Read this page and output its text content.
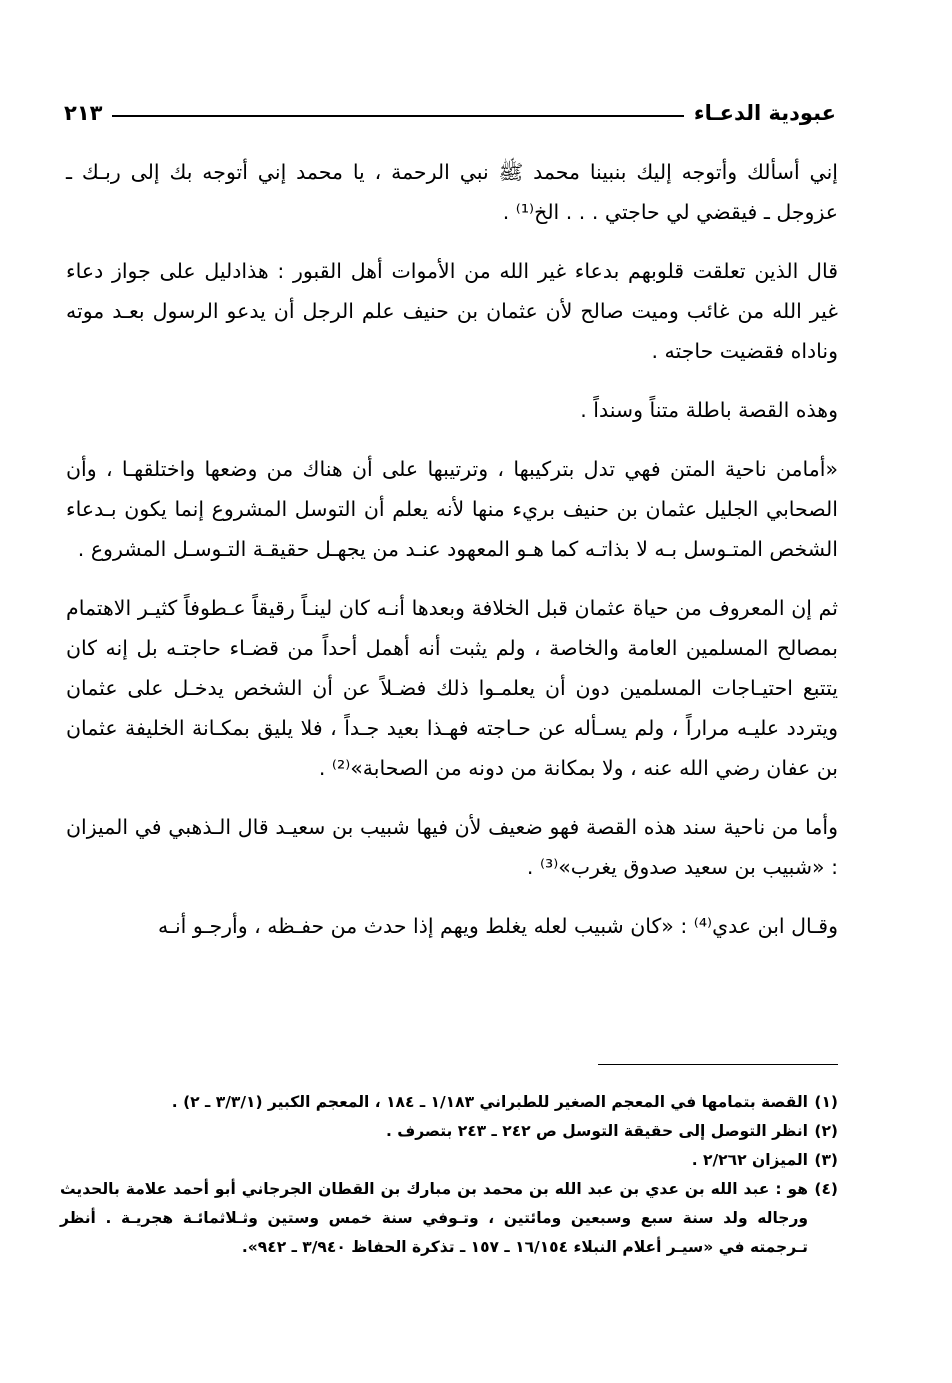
عبودية الدعـاء
٢١٣

إني أسألك وأتوجه إليك بنبينا محمد ﷺ نبي الرحمة ، يا محمد إني أتوجه بك إلى ربـك ـ عزوجل ـ فيقضي لي حاجتي . . . الخ⁽¹⁾ .

قال الذين تعلقت قلوبهم بدعاء غير الله من الأموات أهل القبور : هذادليل على جواز دعاء غير الله من غائب وميت صالح لأن عثمان بن حنيف علم الرجل أن يدعو الرسول بعـد موته وناداه فقضيت حاجته .

وهذه القصة باطلة متناً وسنداً .

«أمامن ناحية المتن فهي تدل بتركيبها ، وترتيبها على أن هناك من وضعها واختلقهـا ، وأن الصحابي الجليل عثمان بن حنيف بريء منها لأنه يعلم أن التوسل المشروع إنما يكون بـدعاء الشخص المتـوسل بـه لا بذاتـه كما هـو المعهود عنـد من يجهـل حقيقـة التـوسـل المشروع .

ثم إن المعروف من حياة عثمان قبل الخلافة وبعدها أنـه كان لينـاً رقيقاً عـطوفاً كثيـر الاهتمام بمصالح المسلمين العامة والخاصة ، ولم يثبت أنه أهمل أحداً من قضـاء حاجتـه بل إنه كان يتتبع احتيـاجات المسلمين دون أن يعلمـوا ذلك فضـلاً عن أن الشخص يدخـل على عثمان ويتردد عليـه مراراً ، ولم يسـأله عن حـاجته فهـذا بعيد جـداً ، فلا يليق بمكـانة الخليفة عثمان بن عفان رضي الله عنه ، ولا بمكانة من دونه من الصحابة»⁽²⁾ .

وأما من ناحية سند هذه القصة فهو ضعيف لأن فيها شبيب بن سعيـد قال الـذهبي في الميزان : «شبيب بن سعيد صدوق يغرب»⁽³⁾ .

وقـال ابن عدي⁽⁴⁾ : «كان شبيب لعله يغلط ويهم إذا حدث من حفـظه ، وأرجـو أنـه

(١)
القصة بتمامها في المعجم الصغير للطبراني ١/١٨٣ ـ ١٨٤ ، المعجم الكبير (٣/٣/١ ـ ٢) .
(٢)
انظر التوصل إلى حقيقة التوسل ص ٢٤٢ ـ ٢٤٣ بتصرف .
(٣)
الميزان ٢/٢٦٢ .
(٤)
هو : عبد الله بن عدي بن عبد الله بن محمد بن مبارك بن القطان الجرجاني أبو أحمد علامة بالحديث ورجاله ولد سنة سبع وسبعين ومائتين ، وتـوفي سنة خمس وستين وثـلاثمائـة هجريـة . أنظر تـرجمته في «سيـر أعلام النبلاء ١٦/١٥٤ ـ ١٥٧ ـ تذكرة الحفاظ ٣/٩٤٠ ـ ٩٤٢».
